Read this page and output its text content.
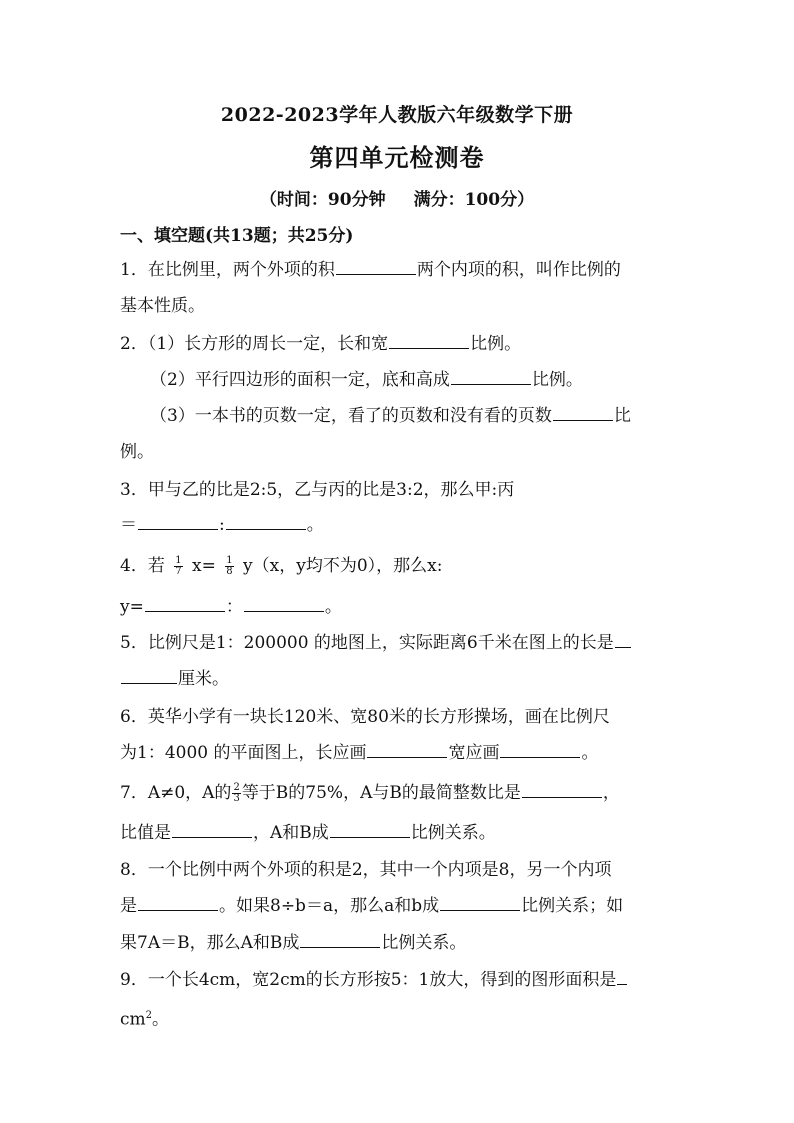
2022-2023学年人教版六年级数学下册
第四单元检测卷
（时间：90分钟 满分：100分）
一、填空题(共13题；共25分)
1．在比例里，两个外项的积	两个内项的积，叫作比例的
基本性质。
2．（1）长方形的周长一定，长和宽	比例。
（2）平行四边形的面积一定，底和高成	比例。
（3）一本书的页数一定，看了的页数和没有看的页数	比
例。
3．甲与乙的比是2:5，乙与丙的比是3:2，那么甲:丙
＝	:	。
4．若 $\frac{1}{7} x= \frac{1}{8} y(x$，y均不为0），那么x:
y=	：	。
5．比例尺是1：200000 的地图上，实际距离6千米在图上的长是
厘米。
6．英华小学有一块长120米、宽80米的长方形操场，画在比例尺
为1：4000 的平面图上，长应画	宽应画	。
7．A≠0，A的 $\frac{2}{3}$ 等于B的75%，A与B的最简整数比是	，
比值是	，A和B成	比例关系。
8．一个比例中两个外项的积是2，其中一个内项是8，另一个内项
是	。如果8÷b＝a，那么a和b成	比例关系；如
果7A＝B，那么A和B成	比例关系。
9．一个长4cm，宽2cm的长方形按5：1放大，得到的图形面积是
$cm^2$。
